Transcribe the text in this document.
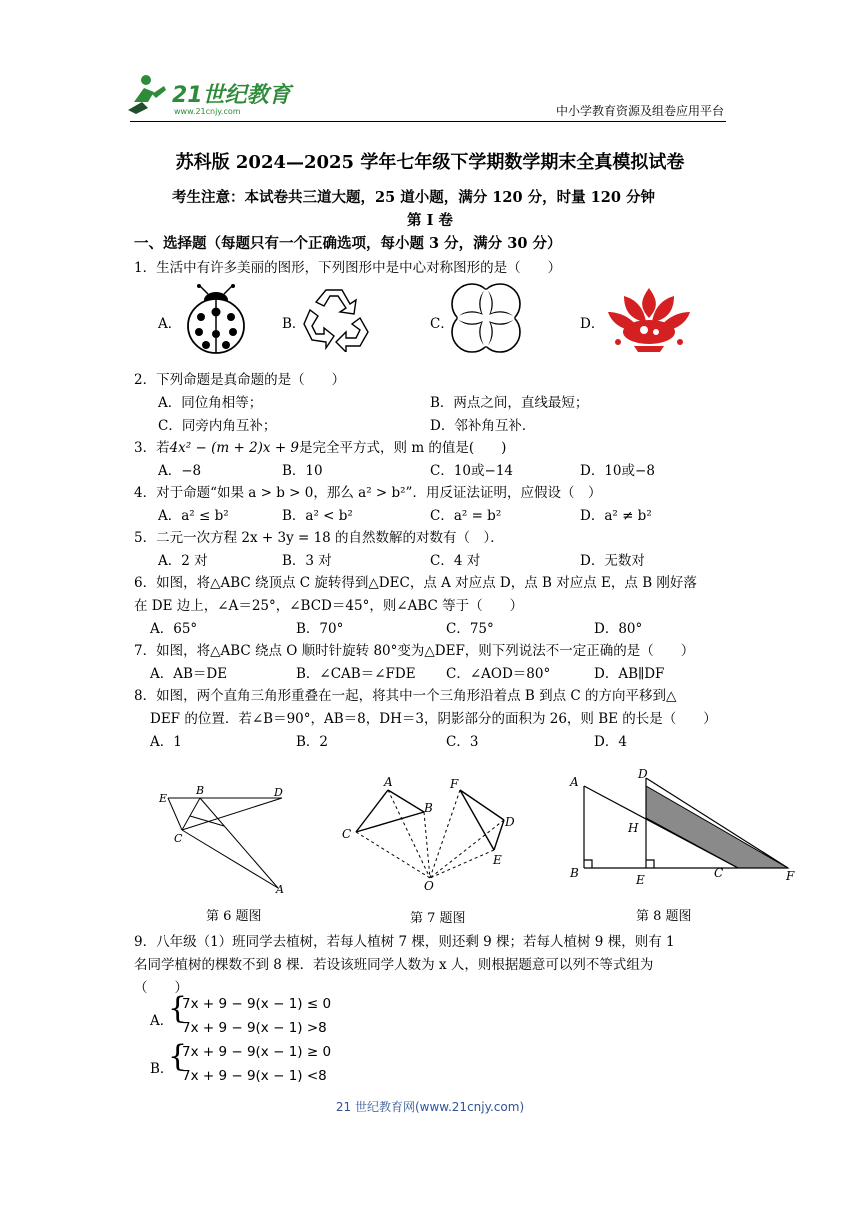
21世纪教育
www.21cnjy.com	中小学教育资源及组卷应用平台
苏科版 2024—2025 学年七年级下学期数学期末全真模拟试卷
考生注意：本试卷共三道大题，25 道小题，满分 120 分，时量 120 分钟
第 I 卷
一、选择题（每题只有一个正确选项，每小题 3 分，满分 30 分）
1．生活中有许多美丽的图形，下列图形中是中心对称图形的是（　　）
A．	B．	C．	D．
2．下列命题是真命题的是（　　）
A．同位角相等；	B．两点之间，直线最短；
C．同旁内角互补；	D．邻补角互补．
3．若4x² − (m + 2)x + 9是完全平方式，则 m 的值是(　　)
A．−8	B．10	C．10或−14	D．10或−8
4．对于命题“如果 a > b > 0，那么 a² > b²”．用反证法证明，应假设（　）
A．a² ≤ b²	B．a² < b²	C．a² = b²	D．a² ≠ b²
5．二元一次方程 2x + 3y = 18 的自然数解的对数有（　）．
A．2 对	B．3 对	C．4 对	D．无数对
6．如图，将△ABC 绕顶点 C 旋转得到△DEC，点 A 对应点 D，点 B 对应点 E，点 B 刚好落
在 DE 边上，∠A＝25°，∠BCD＝45°，则∠ABC 等于（　　）
A．65°	B．70°	C．75°	D．80°
7．如图，将△ABC 绕点 O 顺时针旋转 80°变为△DEF，则下列说法不一定正确的是（　　）
A．AB＝DE	B．∠CAB＝∠FDE C．∠AOD＝80°	D．AB∥DF
8．如图，两个直角三角形重叠在一起，将其中一个三角形沿着点 B 到点 C 的方向平移到△
DEF 的位置．若∠B＝90°，AB＝8，DH＝3，阴影部分的面积为 26，则 BE 的长是（　　）
A．1	B．2	C．3	D．4
E
B	D
C
A
第 6 题图
A
B
C
F
D
E
O
第 7 题图
A
B
D
H
E	C	F
第 8 题图
9．八年级（1）班同学去植树，若每人植树 7 棵，则还剩 9 棵；若每人植树 9 棵，则有 1
名同学植树的棵数不到 8 棵．若设该班同学人数为 x 人，则根据题意可以列不等式组为
（　　）
A．
{
7x + 9 − 9(x − 1) ≤ 0
7x + 9 − 9(x − 1) >8
B．
{
7x + 9 − 9(x − 1) ≥ 0
7x + 9 − 9(x − 1) <8
21 世纪教育网(www.21cnjy.com)
